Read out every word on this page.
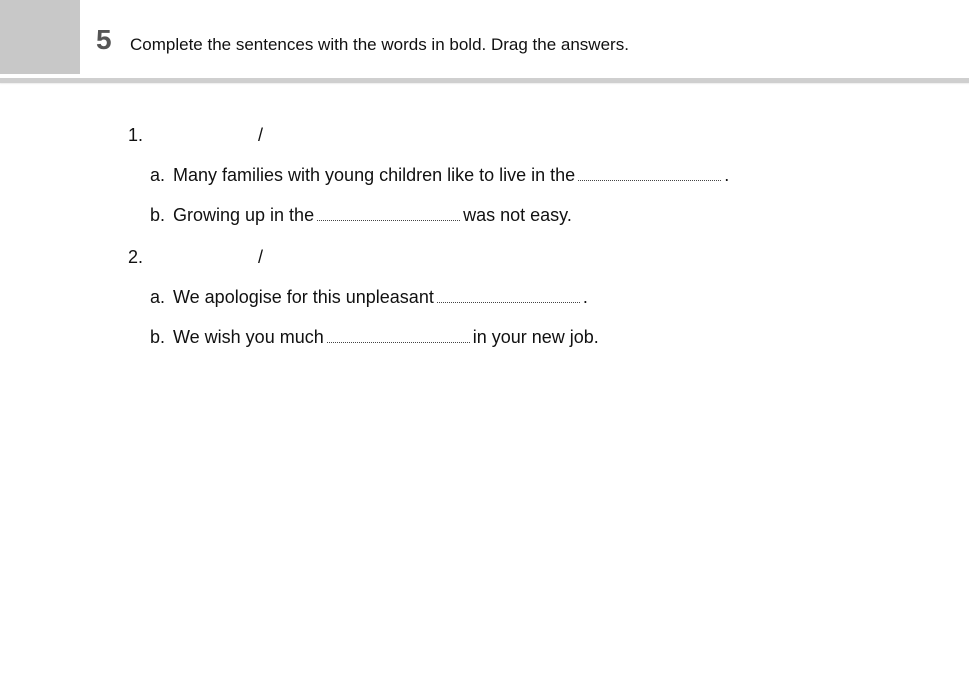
5 Complete the sentences with the words in bold. Drag the answers.
1.	/
a. Many families with young children like to live in the	.
b. Growing up in the	was not easy.
2.	/
a. We apologise for this unpleasant	.
b. We wish you much	in your new job.
